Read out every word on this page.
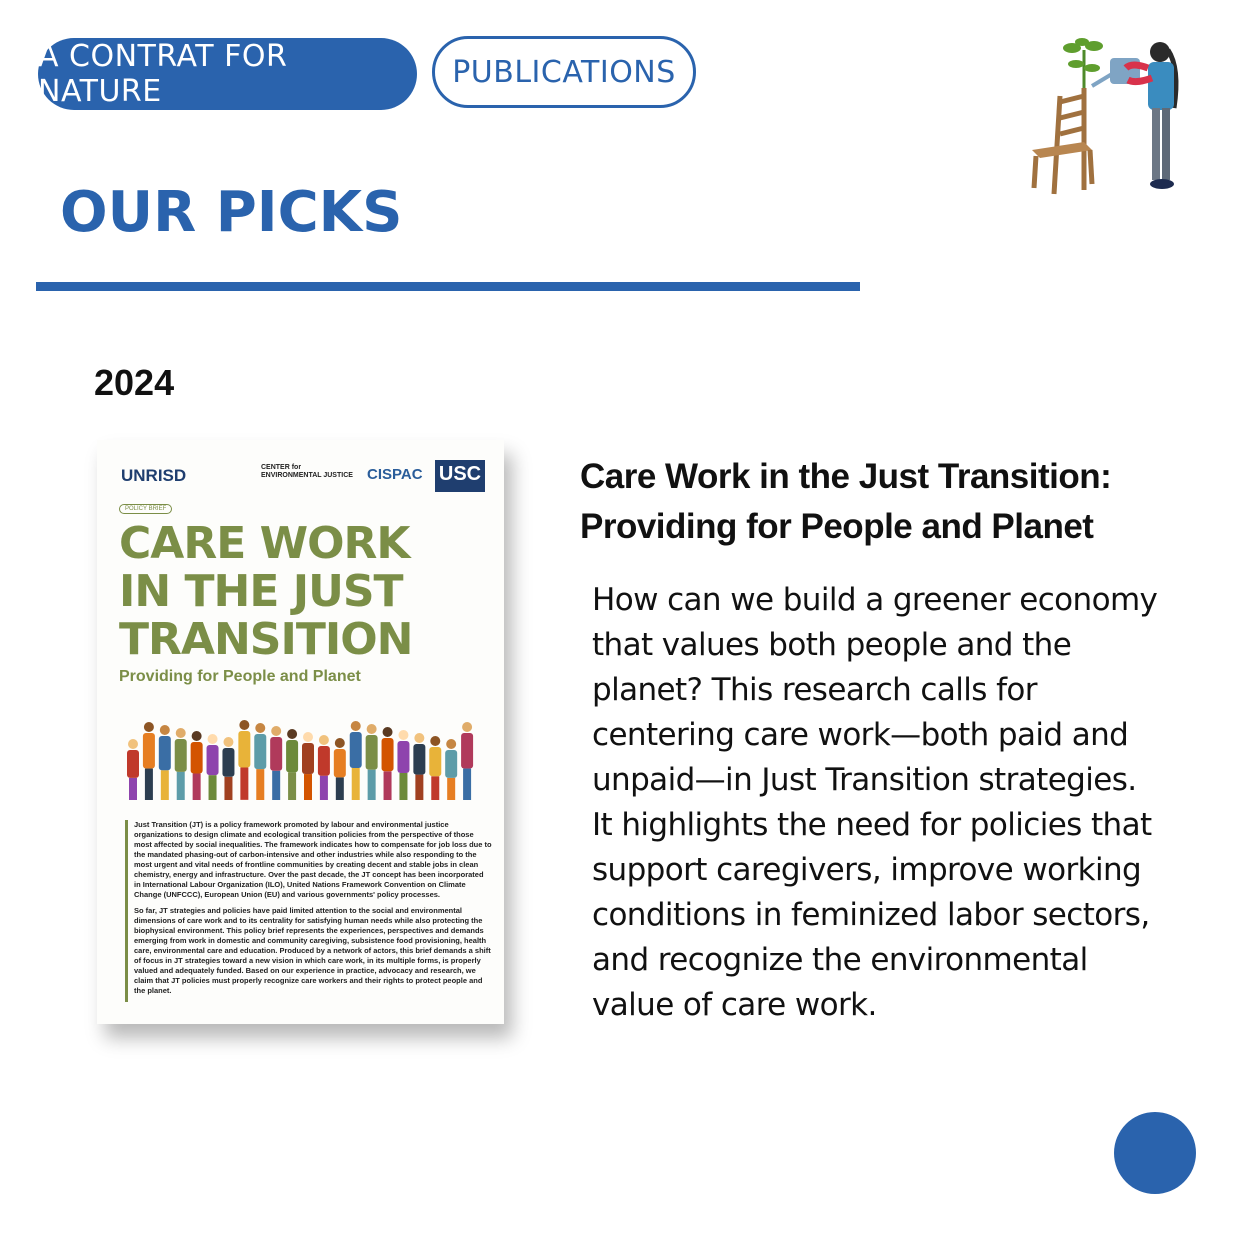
A CONTRAT FOR NATURE
PUBLICATIONS
OUR PICKS
2024
UNRISD	CENTER for ENVIRONMENTAL JUSTICE CISPAC USC
POLICY BRIEF
CARE WORK
IN THE JUST
TRANSITION
Providing for People and Planet

Just Transition (JT) is a policy framework promoted by labour and environmental justice organizations to design climate and ecological transition policies from the perspective of those most affected by social inequalities. The framework indicates how to compensate for job loss due to the mandated phasing-out of carbon-intensive and other industries while also responding to the most urgent and vital needs of frontline communities by creating decent and stable jobs in clean chemistry, energy and infrastructure. Over the past decade, the JT concept has been incorporated in International Labour Organization (ILO), United Nations Framework Convention on Climate Change (UNFCCC), European Union (EU) and various governments' policy processes.

So far, JT strategies and policies have paid limited attention to the social and environmental dimensions of care work and to its centrality for satisfying human needs while also protecting the biophysical environment. This policy brief represents the experiences, perspectives and demands emerging from work in domestic and community caregiving, subsistence food provisioning, health care, environmental care and education. Produced by a network of actors, this brief demands a shift of focus in JT strategies toward a new vision in which care work, in its multiple forms, is properly valued and adequately funded. Based on our experience in practice, advocacy and research, we claim that JT policies must properly recognize care workers and their rights to protect people and the planet.

Care Work in the Just Transition:
Providing for People and Planet
How can we build a greener economy
that values both people and the
planet? This research calls for
centering care work—both paid and
unpaid—in Just Transition strategies.
It highlights the need for policies that
support caregivers, improve working
conditions in feminized labor sectors,
and recognize the environmental
value of care work.
